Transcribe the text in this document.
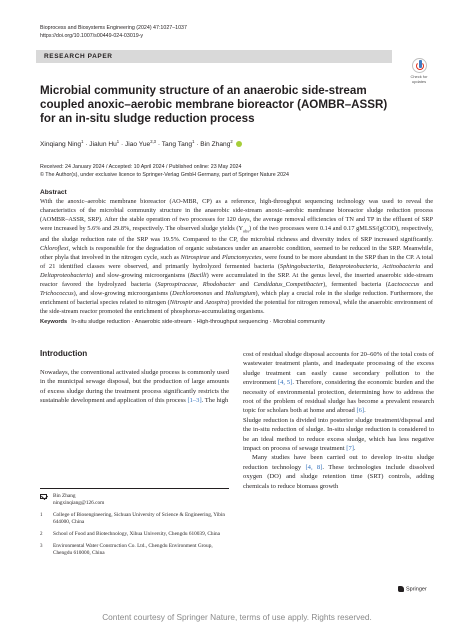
Bioprocess and Biosystems Engineering (2024) 47:1027–1037
https://doi.org/10.1007/s00449-024-03019-y
RESEARCH PAPER
Check for
updates
Microbial community structure of an anaerobic side-stream coupled anoxic–aerobic membrane bioreactor (AOMBR–ASSR) for an in-situ sludge reduction process
Xinqiang Ning$^1$ · Jialun $Hu^1$ · Jiao Yue$^{2,3}$ · Tang Tang$^1$ · Bin Zhang$^2$
Received: 24 January 2024 / Accepted: 10 April 2024 / Published online: 23 May 2024
© The Author(s), under exclusive licence to Springer-Verlag GmbH Germany, part of Springer Nature 2024
Abstract

With the anoxic–aerobic membrane bioreactor (AO-MBR, CP) as a reference, high-throughput sequencing technology was used to reveal the characteristics of the microbial community structure in the anaerobic side-stream anoxic–aerobic membrane bioreactor sludge reduction process (AOMBR–ASSR, SRP). After the stable operation of two processes for 120 days, the average removal efficiencies of TN and TP in the effluent of SRP were increased by 5.6% and 29.8%, respectively. The observed sludge yields $(Y_{obs})$ of the two processes were 0.14 and 0.17 gMLSS/(gCOD), respectively, and the sludge reduction rate of the SRP was 19.5%. Compared to the CP, the microbial richness and diversity index of SRP increased significantly. Chloroflexi, which is responsible for the degradation of organic substances under an anaerobic condition, seemed to be reduced in the SRP. Meanwhile, other phyla that involved in the nitrogen cycle, such as Nitrospirae and Planctomycetes, were found to be more abundant in the SRP than in the CP. A total of 21 identified classes were observed, and primarily hydrolyzed fermented bacteria (Sphingobacteriia, Betaproteobacteria, Actinobacteria and Deltaproteobacteria) and slow-growing microorganisms (Bacilli) were accumulated in the SRP. At the genus level, the inserted anaerobic side-stream reactor favored the hydrolyzed bacteria (Saprospiraceae, Rhodobacter and Candidatus_Competibacter), fermented bacteria (Lactococcus and Trichococcus), and slow-growing microorganisms (Dechloromonas and Haliangium), which play a crucial role in the sludge reduction. Furthermore, the enrichment of bacterial species related to nitrogen (Nitrospir and Azospira) provided the potential for nitrogen removal, while the anaerobic environment of the side-stream reactor promoted the enrichment of phosphorus-accumulating organisms.

Keywords In-situ sludge reduction · Anaerobic side-stream · High-throughput sequencing · Microbial community
Introduction

Nowadays, the conventional activated sludge process is commonly used in the municipal sewage disposal, but the production of large amounts of excess sludge during the treatment process significantly restricts the sustainable development and application of this process [1–3]. The high

cost of residual sludge disposal accounts for 20–60% of the total costs of wastewater treatment plants, and inadequate processing of the excess sludge treatment can easily cause secondary pollution to the environment [4, 5]. Therefore, considering the economic burden and the necessity of environmental protection, determining how to address the root of the problem of residual sludge has become a prevalent research topic for scholars both at home and abroad [6].

Sludge reduction is divided into posterior sludge treatment/disposal and the in-situ reduction of sludge. In-situ sludge reduction is considered to be an ideal method to reduce excess sludge, which has less negative impact on process of sewage treatment [7].

Many studies have been carried out to develop in-situ sludge reduction technology [4, 8]. These technologies include dissolved oxygen (DO) and sludge retention time (SRT) controls, adding chemicals to reduce biomass growth

Bin Zhang
ningxinqiang@126.com
1	College of Biosengineering, Sichuan University of Science & Engineering, Yibin 644000, China
2	School of Food and Biotechnology, Xihua University, Chengdu 610039, China
3	Environmental Water Construction Co. Ltd., Chengdu Environment Group, Chengdu 610000, China
Springer
Content courtesy of Springer Nature, terms of use apply. Rights reserved.
